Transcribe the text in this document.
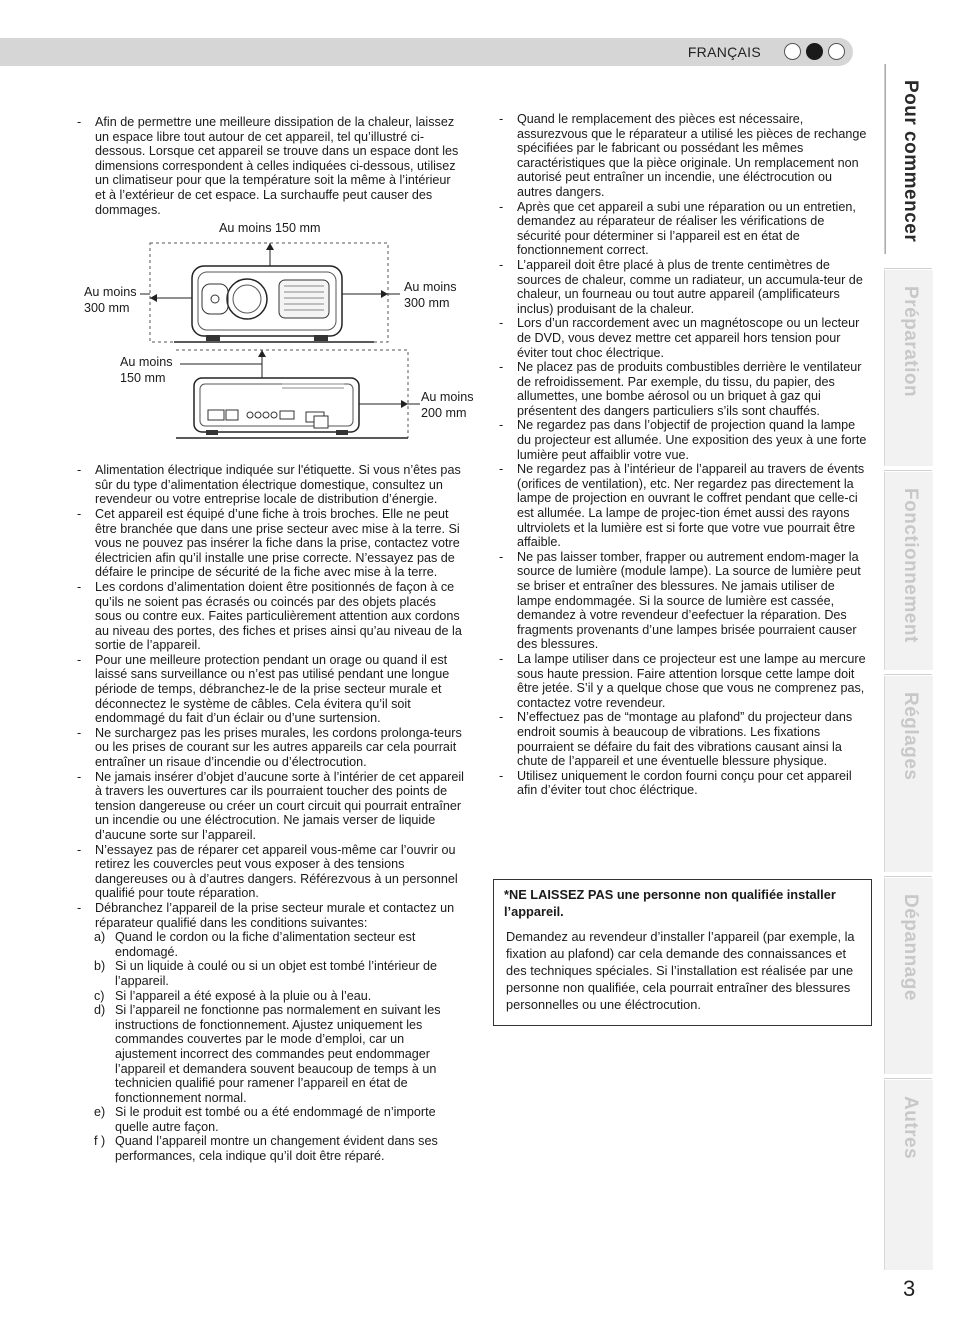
FRANÇAIS
Pour commencer
Préparation
Fonctionnement
Réglages
Dépannage
Autres
3

- Afin de permettre une meilleure dissipation de la chaleur, laissez un espace libre tout autour de cet appareil, tel qu’illustré ci-dessous. Lorsque cet appareil se trouve dans un espace dont les dimensions correspondent à celles indiquées ci-dessous, utilisez un climatiseur pour que la température soit la même à l’intérieur et à l’extérieur de cet espace. La surchauffe peut causer des dommages.

- Alimentation électrique indiquée sur l'étiquette. Si vous n’êtes pas sûr du type d’alimentation électrique domestique, consultez un revendeur ou votre entreprise locale de distribution d’énergie.

- Cet appareil est équipé d’une fiche à trois broches. Elle ne peut être branchée que dans une prise secteur avec mise à la terre. Si vous ne pouvez pas insérer la fiche dans la prise, contactez votre électricien afin qu’il installe une prise correcte. N’essayez pas de défaire le principe de sécurité de la fiche avec mise à la terre.

- Les cordons d’alimentation doient être positionnés de façon à ce qu’ils ne soient pas écrasés ou coincés par des objets placés sous ou contre eux. Faites particulièrement attention aux cordons au niveau des portes, des fiches et prises ainsi qu’au niveau de la sortie de l’appareil.

- Pour une meilleure protection pendant un orage ou quand il est laissé sans surveillance ou n’est pas utilisé pendant une longue période de temps, débranchez-le de la prise secteur murale et déconnectez le système de câbles. Cela évitera qu’il soit endommagé du fait d’un éclair ou d’une surtension.

- Ne surchargez pas les prises murales, les cordons prolonga-teurs ou les prises de courant sur les autres appareils car cela pourrait entraîner un risaue d’incendie ou d’électrocution.

- Ne jamais insérer d’objet d’aucune sorte à l’intérier de cet appareil à travers les ouvertures car ils pourraient toucher des points de tension dangereuse ou créer un court circuit qui pourrait entraîner un incendie ou une éléctrocution. Ne jamais verser de liquide d’aucune sorte sur l’appareil.

- N’essayez pas de réparer cet appareil vous-même car l’ouvrir ou retirez les couvercles peut vous exposer à des tensions dangereuses ou à d’autres dangers. Référezvous à un personnel qualifié pour toute réparation.

- Débranchez l’appareil de la prise secteur murale et contactez un réparateur qualifié dans les conditions suivantes:

a) Quand le cordon ou la fiche d’alimentation secteur est endomagé.

b) Si un liquide à coulé ou si un objet est tombé l’intérieur de l’appareil.

c) Si l’appareil a été exposé à la pluie ou à l’eau.

d) Si l’appareil ne fonctionne pas normalement en suivant les instructions de fonctionnement. Ajustez uniquement les commandes couvertes par le mode d’emploi, car un ajustement incorrect des commandes peut endommager l’appareil et demandera souvent beaucoup de temps à un technicien qualifié pour ramener l’appareil en état de fonctionnement normal.

e) Si le produit est tombé ou a été endommagé de n’importe quelle autre façon.

f ) Quand l’appareil montre un changement évident dans ses performances, cela indique qu’il doit être réparé.

Au moins 150 mm
Au moins
300 mm
Au moins
300 mm
Au moins
150 mm
Au moins
200 mm

- Quand le remplacement des pièces est nécessaire, assurezvous que le réparateur a utilisé les pièces de rechange spécifiées par le fabricant ou possédant les mêmes caractéristiques que la pièce originale. Un remplacement non autorisé peut entraîner un incendie, une éléctrocution ou autres dangers.

- Après que cet appareil a subi une réparation ou un entretien, demandez au réparateur de réaliser les vérifications de sécurité pour déterminer si l’appareil est en état de fonctionnement correct.

- L’appareil doit être placé à plus de trente centimètres de sources de chaleur, comme un radiateur, un accumula-teur de chaleur, un fourneau ou tout autre appareil (amplificateurs inclus) produisant de la chaleur.

- Lors d’un raccordement avec un magnétoscope ou un lecteur de DVD, vous devez mettre cet appareil hors tension pour éviter tout choc électrique.

- Ne placez pas de produits combustibles derrière le ventilateur de refroidissement. Par exemple, du tissu, du papier, des allumettes, une bombe aérosol ou un briquet à gaz qui présentent des dangers particuliers s’ils sont chauffés.

- Ne regardez pas dans l’objectif de projection quand la lampe du projecteur est allumée. Une exposition des yeux à une forte lumière peut affaiblir votre vue.

- Ne regardez pas à l’intérieur de l’appareil au travers de évents (orifices de ventilation), etc. Ner regardez pas directement la lampe de projection en ouvrant le coffret pendant que celle-ci est allumée. La lampe de projec-tion émet aussi des rayons ultrviolets et la lumière est si forte que votre vue pourrait être affaible.

- Ne pas laisser tomber, frapper ou autrement endom-mager la source de lumière (module lampe). La source de lumière peut se briser et entraîner des blessures. Ne jamais utiliser de lampe endommagée. Si la source de lumière est cassée, demandez à votre revendeur d’eefectuer la réparation. Des fragments provenants d’une lampes brisée pourraient causer des blessures.

- La lampe utiliser dans ce projecteur est une lampe au mercure sous haute pression. Faire attention lorsque cette lampe doit être jetée. S’il y a quelque chose que vous ne comprenez pas, contactez votre revendeur.

- N’effectuez pas de “montage au plafond” du projecteur dans endroit soumis à beaucoup de vibrations. Les fixations pourraient se défaire du fait des vibrations causant ainsi la chute de l’appareil et une éventuelle blessure physique.

- Utilisez uniquement le cordon fourni conçu pour cet appareil afin d’éviter tout choc éléctrique.

*NE LAISSEZ PAS une personne non qualifiée installer l’appareil.
Demandez au revendeur d’installer l’appareil (par exemple, la fixation au plafond) car cela demande des connaissances et des techniques spéciales. Si l’installation est réalisée par une personne non qualifiée, cela pourrait entraîner des blessures personnelles ou une éléctrocution.
